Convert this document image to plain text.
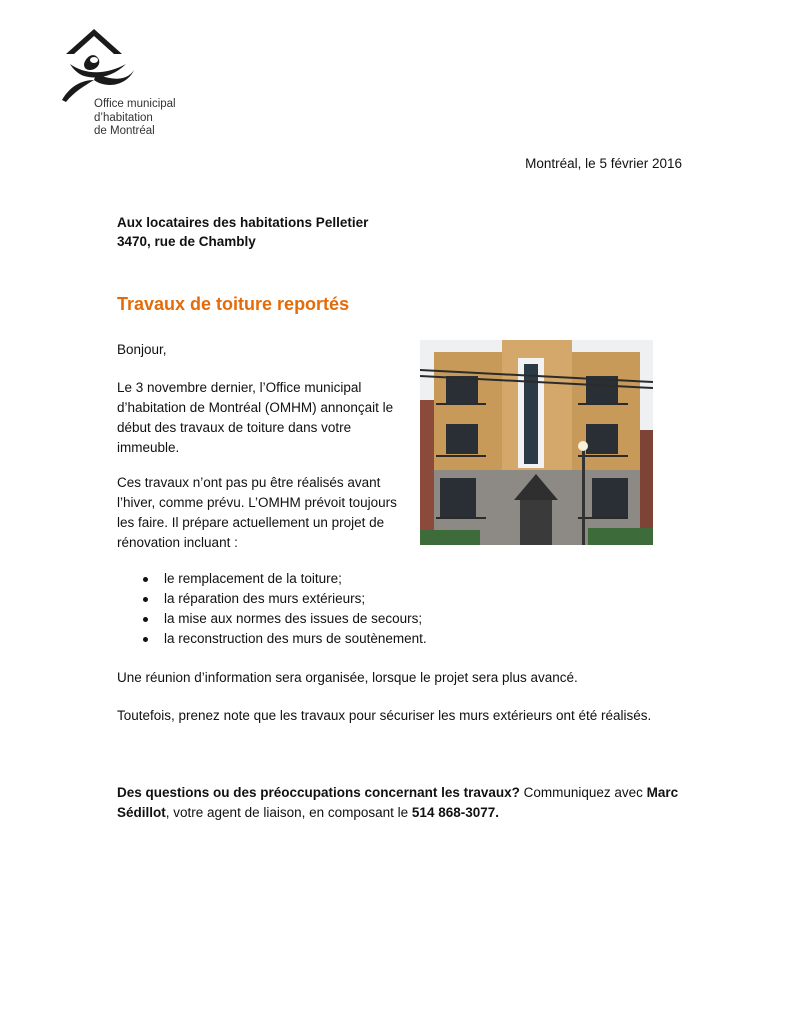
Office municipal
d’habitation
de Montréal
Montréal, le 5 février 2016
Aux locataires des habitations Pelletier
3470, rue de Chambly
Travaux de toiture reportés
Bonjour,
Le 3 novembre dernier, l’Office municipal d’habitation de Montréal (OMHM) annonçait le début des travaux de toiture dans votre immeuble.
Ces travaux n’ont pas pu être réalisés avant l’hiver, comme prévu. L’OMHM prévoit toujours les faire. Il prépare actuellement un projet de rénovation incluant :
le remplacement de la toiture;
la réparation des murs extérieurs;
la mise aux normes des issues de secours;
la reconstruction des murs de soutènement.
Une réunion d’information sera organisée, lorsque le projet sera plus avancé.
Toutefois, prenez note que les travaux pour sécuriser les murs extérieurs ont été réalisés.
Des questions ou des préoccupations concernant les travaux? Communiquez avec Marc Sédillot, votre agent de liaison, en composant le 514 868-3077.
